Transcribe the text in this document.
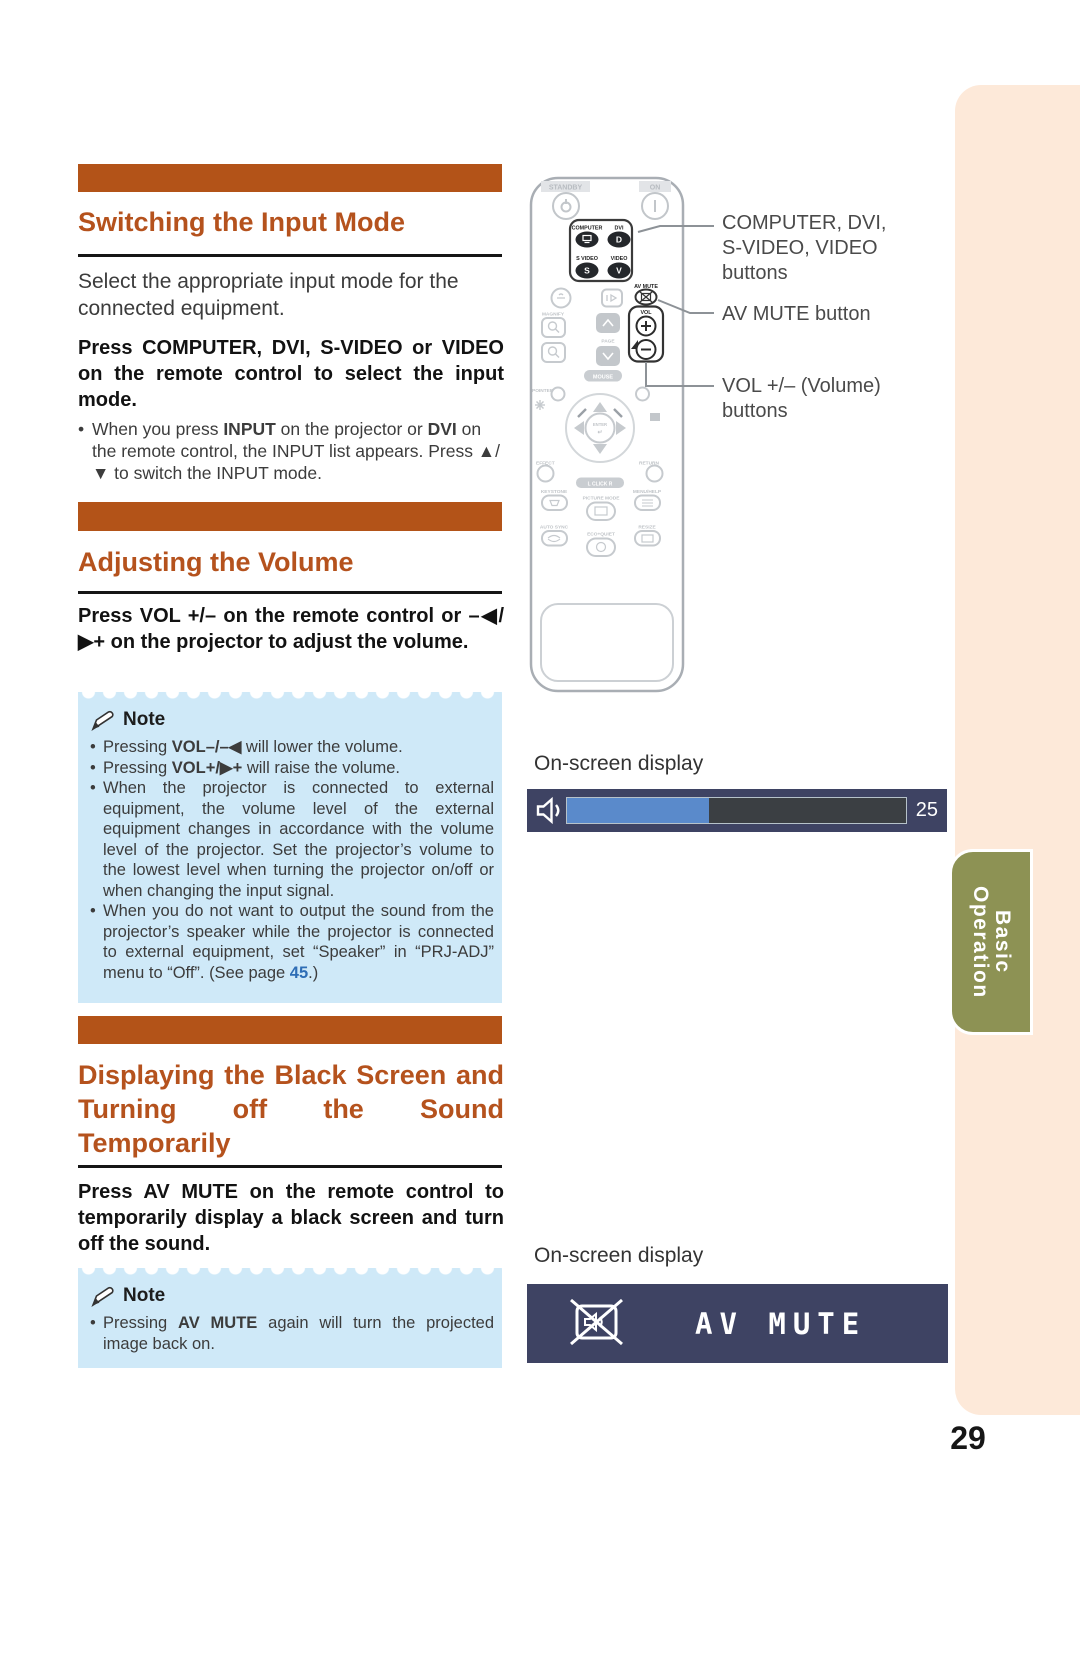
Switching the Input Mode
Select the appropriate input mode for the connected equipment.
Press COMPUTER, DVI, S-VIDEO or VIDEO on the remote control to select the input mode.
• When you press INPUT on the projector or DVI on the remote control, the INPUT list appears. Press ▲/▼ to switch the INPUT mode.
Adjusting the Volume
Press VOL +/– on the remote control or –◀/▶+ on the projector to adjust the volume.
Note
• Pressing VOL–/–◀ will lower the volume.
• Pressing VOL+/▶+ will raise the volume.
• When the projector is connected to external equipment, the volume level of the external equipment changes in accordance with the volume level of the projector. Set the projector’s volume to the lowest level when turning the projector on/off or when changing the input signal.
• When you do not want to output the sound from the projector’s speaker while the projector is connected to external equipment, set “Speaker” in “PRJ-ADJ” menu to “Off”. (See page 45.)
Displaying the Black Screen and Turning off the Sound Temporarily
Press AV MUTE on the remote control to temporarily display a black screen and turn off the sound.
Note
• Pressing AV MUTE again will turn the projected image back on.
STANDBY	ON
COMPUTER DVI
D
S VIDEO VIDEO
S	V
AV MUTE
VOL
MAGNIFY
PAGE
MOUSE
POINTER
ENTER
↵
EFFECT	RETURN
L CLICK R
KEYSTONE
PICTURE MODE
MENU/HELP
AUTO SYNC
ECO+QUIET
RESIZE
COMPUTER, DVI,
S-VIDEO, VIDEO
buttons
AV MUTE button
VOL +/– (Volume)
buttons
On-screen display
25
On-screen display
AV MUTE
Basic
Operation
29
